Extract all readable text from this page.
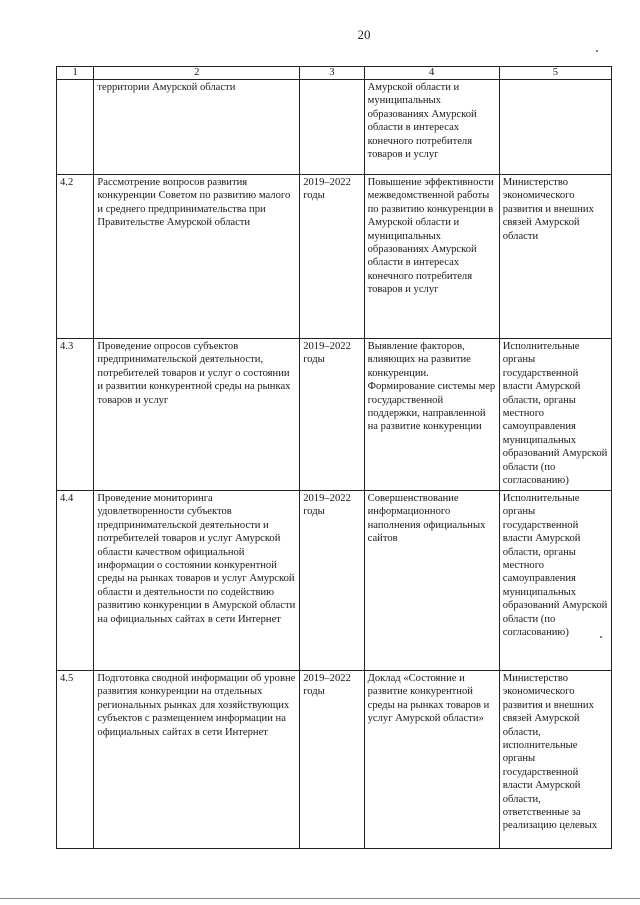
20
1	2	3	4	5
	территории Амурской области		Амурской области и муниципальных образованиях Амурской области в интересах конечного потребителя товаров и услуг	
4.2	Рассмотрение вопросов развития конкуренции Советом по развитию малого и среднего предпринимательства при Правительстве Амурской области	2019–2022 годы	Повышение эффективности межведомственной работы по развитию конкуренции в Амурской области и муниципальных образованиях Амурской области в интересах конечного потребителя товаров и услуг	Министерство экономического развития и внешних связей Амурской области
4.3	Проведение опросов субъектов предпринимательской деятельности, потребителей товаров и услуг о состоянии и развитии конкурентной среды на рынках товаров и услуг	2019–2022 годы	Выявление факторов, влияющих на развитие конкуренции. Формирование системы мер государственной поддержки, направленной на развитие конкуренции	Исполнительные органы государственной власти Амурской области, органы местного самоуправления муниципальных образований Амурской области (по согласованию)
4.4	Проведение мониторинга удовлетворенности субъектов предпринимательской деятельности и потребителей товаров и услуг Амурской области качеством официальной информации о состоянии конкурентной среды на рынках товаров и услуг Амурской области и деятельности по содействию развитию конкуренции в Амурской области на официальных сайтах в сети Интернет	2019–2022 годы	Совершенствование информационного наполнения официальных сайтов	Исполнительные органы государственной власти Амурской области, органы местного самоуправления муниципальных образований Амурской области (по согласованию)
4.5	Подготовка сводной информации об уровне развития конкуренции на отдельных региональных рынках для хозяйствующих субъектов с размещением информации на официальных сайтах в сети Интернет	2019–2022 годы	Доклад «Состояние и развитие конкурентной среды на рынках товаров и услуг Амурской области»	Министерство экономического развития и внешних связей Амурской области, исполнительные органы государственной власти Амурской области, ответственные за реализацию целевых
